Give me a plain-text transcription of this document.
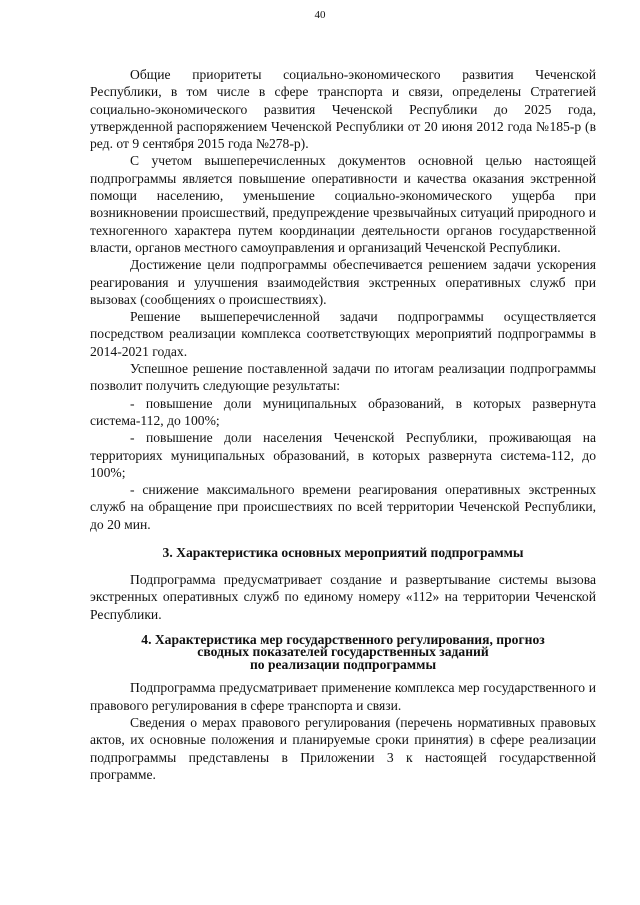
40

Общие приоритеты социально-экономического развития Чеченской Республики, в том числе в сфере транспорта и связи, определены Стратегией социально-экономического развития Чеченской Республики до 2025 года, утвержденной распоряжением Чеченской Республики от 20 июня 2012 года №185-р (в ред. от 9 сентября 2015 года №278-р).

С учетом вышеперечисленных документов основной целью настоящей подпрограммы является повышение оперативности и качества оказания экстренной помощи населению, уменьшение социально-экономического ущерба при возникновении происшествий, предупреждение чрезвычайных ситуаций природного и техногенного характера путем координации деятельности органов государственной власти, органов местного самоуправления и организаций Чеченской Республики.

Достижение цели подпрограммы обеспечивается решением задачи ускорения реагирования и улучшения взаимодействия экстренных оперативных служб при вызовах (сообщениях о происшествиях).

Решение вышеперечисленной задачи подпрограммы осуществляется посредством реализации комплекса соответствующих мероприятий подпрограммы в 2014-2021 годах.

Успешное решение поставленной задачи по итогам реализации подпрограммы позволит получить следующие результаты:

- повышение доли муниципальных образований, в которых развернута система-112, до 100%;

- повышение доли населения Чеченской Республики, проживающая на территориях муниципальных образований, в которых развернута система-112, до 100%;

- снижение максимального времени реагирования оперативных экстренных служб на обращение при происшествиях по всей территории Чеченской Республики, до 20 мин.

3. Характеристика основных мероприятий подпрограммы

Подпрограмма предусматривает создание и развертывание системы вызова экстренных оперативных служб по единому номеру «112» на территории Чеченской Республики.

4. Характеристика мер государственного регулирования, прогноз
сводных показателей государственных заданий
по реализации подпрограммы

Подпрограмма предусматривает применение комплекса мер государственного и правового регулирования в сфере транспорта и связи.

Сведения о мерах правового регулирования (перечень нормативных правовых актов, их основные положения и планируемые сроки принятия) в сфере реализации подпрограммы представлены в Приложении 3 к настоящей государственной программе.
